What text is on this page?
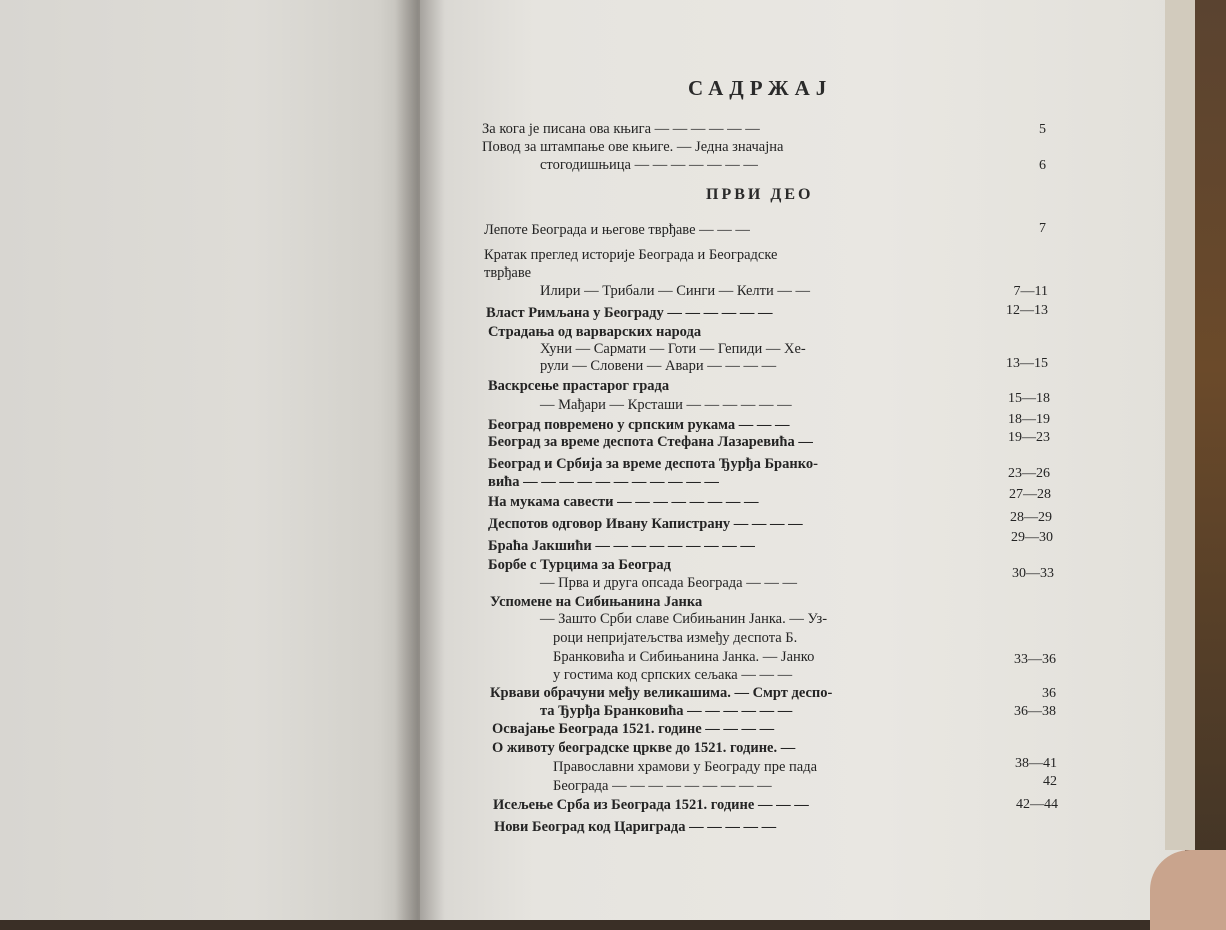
САДРЖАЈ
ПРВИ ДЕО
За кога је писана ова књига — — — — — —
Повод за штампање ове књиге. — Једна значајна
стогодишњица — — — — — — —
Лепоте Београда и његове тврђаве — — —
Кратак преглед историје Београда и Београдске
тврђаве
Илири — Трибали — Синги — Келти — —
Власт Римљана у Београду — — — — — —
Страдања од варварских народа
Хуни — Сармати — Готи — Гепиди — Хе-
рули — Словени — Авари — — — —
Васкрсење прастарог града
— Мађари — Крсташи — — — — — —
Београд повремено у српским рукама — — —
Београд за време деспота Стефана Лазаревића —
Београд и Србија за време деспота Ђурђа Бранко-
вића — — — — — — — — — — —
На мукама савести — — — — — — — —
Деспотов одговор Ивану Капистрану — — — —
Браћа Јакшићи — — — — — — — — —
Борбе с Турцима за Београд
— Прва и друга опсада Београда — — —
Успомене на Сибињанина Јанка
— Зашто Срби славе Сибињанин Јанка. — Уз-
роци непријатељства између деспота Б.
Бранковића и Сибињанина Јанка. — Јанко
у гостима код српских сељака — — —
Крвави обрачуни међу великашима. — Смрт деспо-
та Ђурђа Бранковића — — — — — —
Освајање Београда 1521. године — — — —
О животу београдске цркве до 1521. године. —
Православни храмови у Београду пре пада
Београда — — — — — — — — —
Исељење Срба из Београда 1521. године — — —
Нови Београд код Цариграда — — — — —
5
6
7
7—11
12—13
13—15
15—18
18—19
19—23
23—26
27—28
28—29
29—30
30—33
33—36
36
36—38
38—41
42
42—44
